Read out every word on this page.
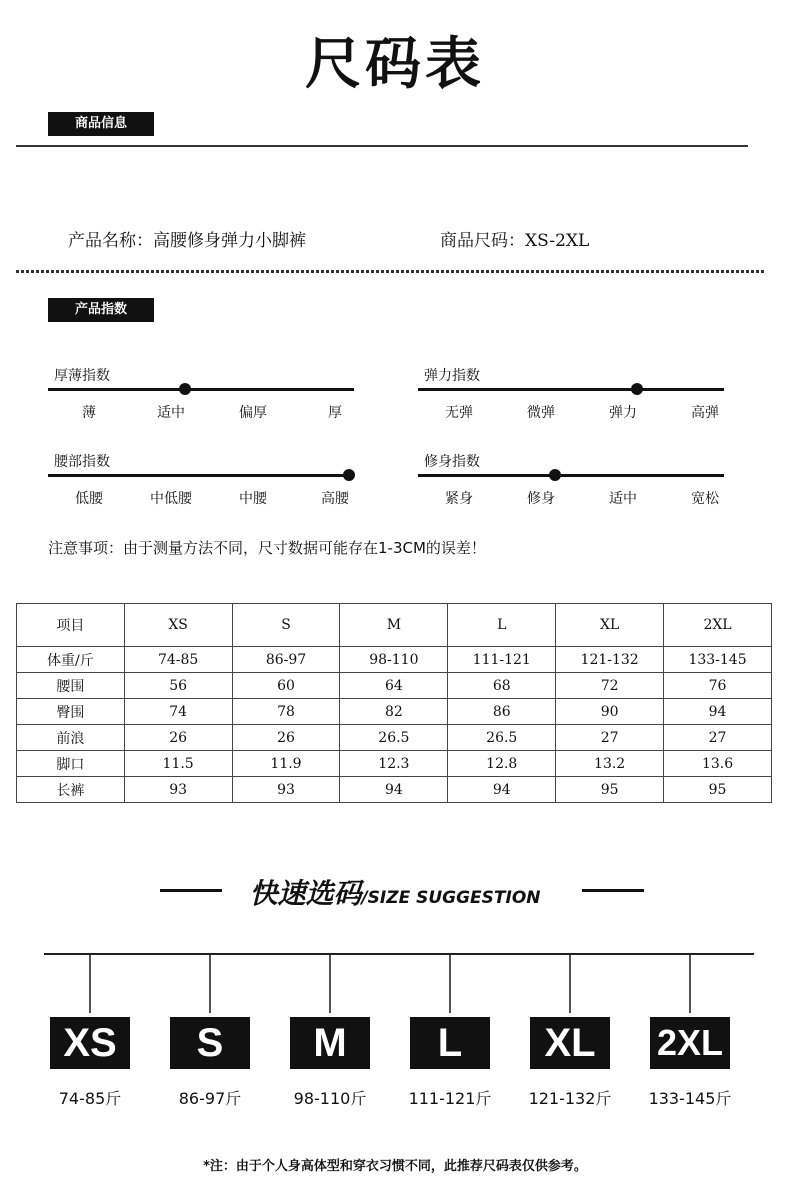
尺码表
商品信息
产品名称：高腰修身弹力小脚裤	商品尺码：XS-2XL
产品指数
厚薄指数
薄	适中	偏厚	厚
弹力指数
无弹	微弹	弹力	高弹
腰部指数
低腰	中低腰	中腰	高腰
修身指数
紧身	修身	适中	宽松
注意事项：由于测量方法不同，尺寸数据可能存在1-3CM的误差！
项目	XS	S	M	L	XL	2XL
体重/斤	74-85	86-97	98-110	111-121	121-132	133-145
腰围	56	60	64	68	72	76
臀围	74	78	82	86	90	94
前浪	26	26	26.5	26.5	27	27
脚口	11.5	11.9	12.3	12.8	13.2	13.6
长裤	93	93	94	94	95	95
快速选码/SIZE SUGGESTION
XS
74-85斤
S
86-97斤
M
98-110斤
L
111-121斤
XL
121-132斤
2XL
133-145斤
*注：由于个人身高体型和穿衣习惯不同，此推荐尺码表仅供参考。
